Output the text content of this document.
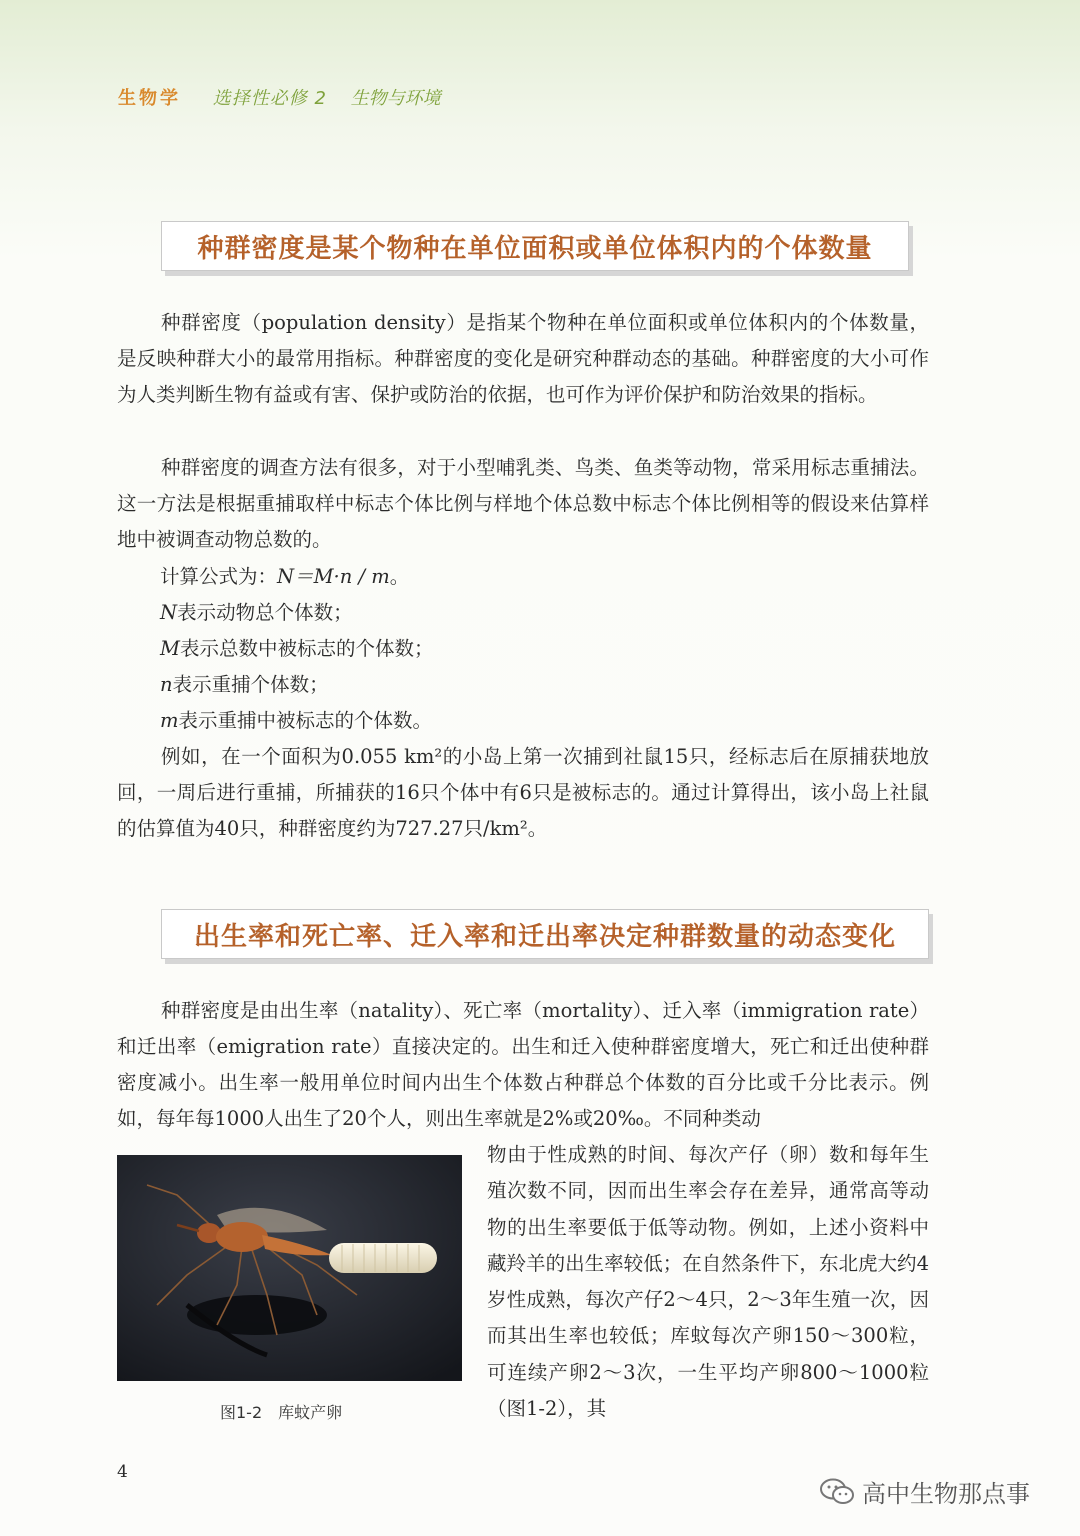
生物学 选择性必修 2 生物与环境
种群密度是某个物种在单位面积或单位体积内的个体数量
种群密度（population density）是指某个物种在单位面积或单位体积内的个体数量，是反映种群大小的最常用指标。种群密度的变化是研究种群动态的基础。种群密度的大小可作为人类判断生物有益或有害、保护或防治的依据，也可作为评价保护和防治效果的指标。
种群密度的调查方法有很多，对于小型哺乳类、鸟类、鱼类等动物，常采用标志重捕法。这一方法是根据重捕取样中标志个体比例与样地个体总数中标志个体比例相等的假设来估算样地中被调查动物总数的。
计算公式为：N＝M·n / m。
N表示动物总个体数；
M表示总数中被标志的个体数；
n表示重捕个体数；
m表示重捕中被标志的个体数。
例如，在一个面积为0.055 km²的小岛上第一次捕到社鼠15只，经标志后在原捕获地放回，一周后进行重捕，所捕获的16只个体中有6只是被标志的。通过计算得出，该小岛上社鼠的估算值为40只，种群密度约为727.27只/km²。
出生率和死亡率、迁入率和迁出率决定种群数量的动态变化
种群密度是由出生率（natality）、死亡率（mortality）、迁入率（immigration rate）和迁出率（emigration rate）直接决定的。出生和迁入使种群密度增大，死亡和迁出使种群密度减小。出生率一般用单位时间内出生个体数占种群总个体数的百分比或千分比表示。例如，每年每1000人出生了20个人，则出生率就是2%或20‰。不同种类动
图1-2　库蚊产卵
物由于性成熟的时间、每次产仔（卵）数和每年生殖次数不同，因而出生率会存在差异，通常高等动物的出生率要低于低等动物。例如，上述小资料中藏羚羊的出生率较低；在自然条件下，东北虎大约4岁性成熟，每次产仔2～4只，2～3年生殖一次，因而其出生率也较低；库蚊每次产卵150～300粒，可连续产卵2～3次，一生平均产卵800～1000粒（图1-2），其
4
高中生物那点事
